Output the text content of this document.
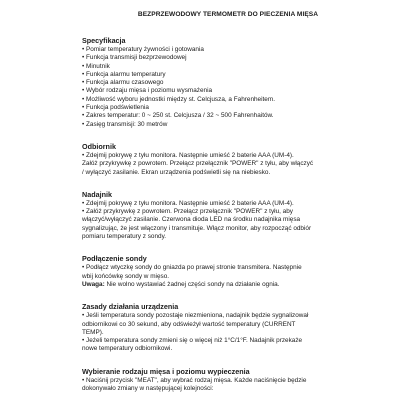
BEZPRZEWODOWY TERMOMETR DO PIECZENIA MIĘSA
Specyfikacja
• Pomiar temperatury żywności i gotowania
• Funkcja transmisji bezprzewodowej
• Minutnik
• Funkcja alarmu temperatury
• Funkcja alarmu czasowego
• Wybór rodzaju mięsa i poziomu wysmażenia
• Możliwość wyboru jednostki między st. Celcjusza, a Fahrenheitem.
• Funkcja podświetlenia
• Zakres temperatur: 0 ~ 250 st. Celcjusza / 32 ~ 500 Fahrenhaitów.
• Zasięg transmisji: 30 metrów
Odbiornik
• Zdejmij pokrywę z tyłu monitora. Następnie umieść 2 baterie AAA (UM-4).
Załóż przykrywkę z powrotem. Przełącz przełącznik "POWER" z tyłu, aby włączyć
/ wyłączyć zasilanie. Ekran urządzenia podświetli się na niebiesko.
Nadajnik
• Zdejmij pokrywę z tyłu monitora. Następnie umieść 2 baterie AAA (UM-4).
• Załóż przykrywkę z powrotem. Przełącz przełącznik "POWER" z tyłu, aby
włączyć/wyłączyć zasilanie. Czerwona dioda LED na środku nadajnika mięsa
sygnalizując, że jest włączony i transmituje. Włącz monitor, aby rozpocząć odbiór
pomiaru temperatury z sondy.
Podłączenie sondy
• Podłącz wtyczkę sondy do gniazda po prawej stronie transmitera. Następnie
wbij końcówkę sondy w mięso.
Uwaga: Nie wolno wystawiać żadnej części sondy na działanie ognia.
Zasady działania urządzenia
• Jeśli temperatura sondy pozostaje niezmieniona, nadajnik będzie sygnalizował
odbiornikowi co 30 sekund, aby odświeżył wartość temperatury (CURRENT
TEMP).
• Jeżeli temperatura sondy zmieni się o więcej niż 1°C/1°F. Nadajnik przekaże
nowe temperatury odbiornikowi.
Wybieranie rodzaju mięsa i poziomu wypieczenia
• Naciśnij przycisk "MEAT", aby wybrać rodzaj mięsa. Każde naciśnięcie będzie
dokonywało zmiany w następującej kolejności:
